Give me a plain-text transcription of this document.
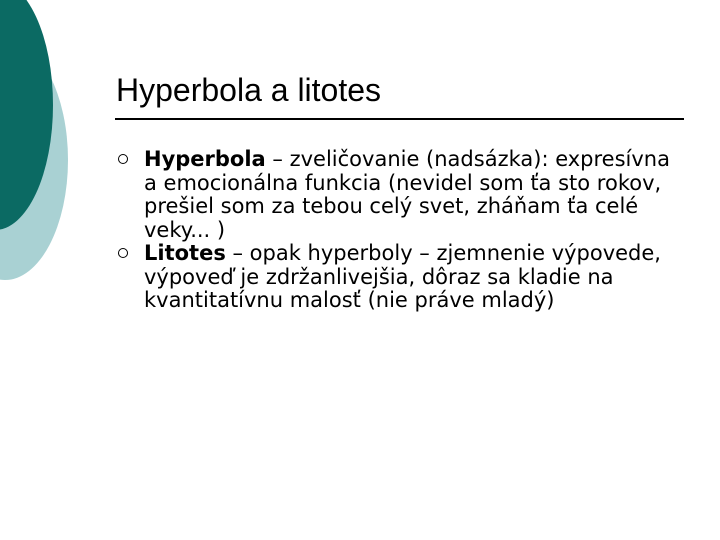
Hyperbola a litotes
Hyperbola – zveličovanie (nadsázka): expresívna a emocionálna funkcia (nevidel som ťa sto rokov, prešiel som za tebou celý svet, zháňam ťa celé veky... )
Litotes – opak hyperboly – zjemnenie výpovede, výpoveď je zdržanlivejšia, dôraz sa kladie na kvantitatívnu malosť (nie práve mladý)
